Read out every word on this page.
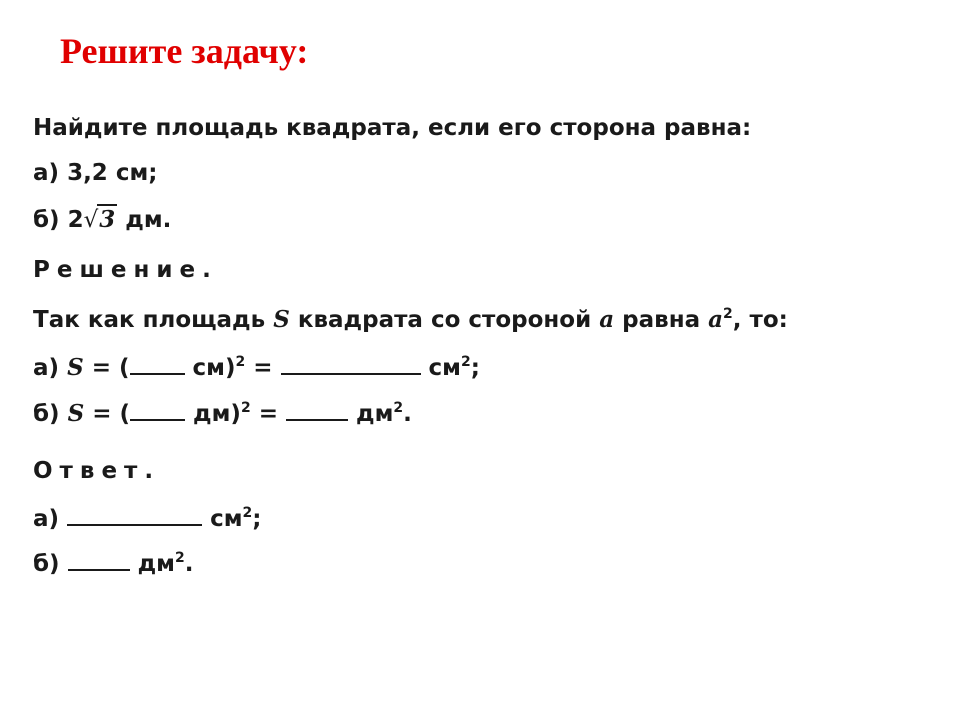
Решите задачу:
Найдите площадь квадрата, если его сторона равна:
а) 3,2 см;
б) 2√3 дм.
Решение.
Так как площадь S квадрата со стороной a равна $a^2$, то:
а) S = (	см)$^2$ =	$см^2$;
б) S = (	дм)$^2$ =	$дм^2$.
Ответ.
а)	$см^2$;
б)	$дм^2$.
